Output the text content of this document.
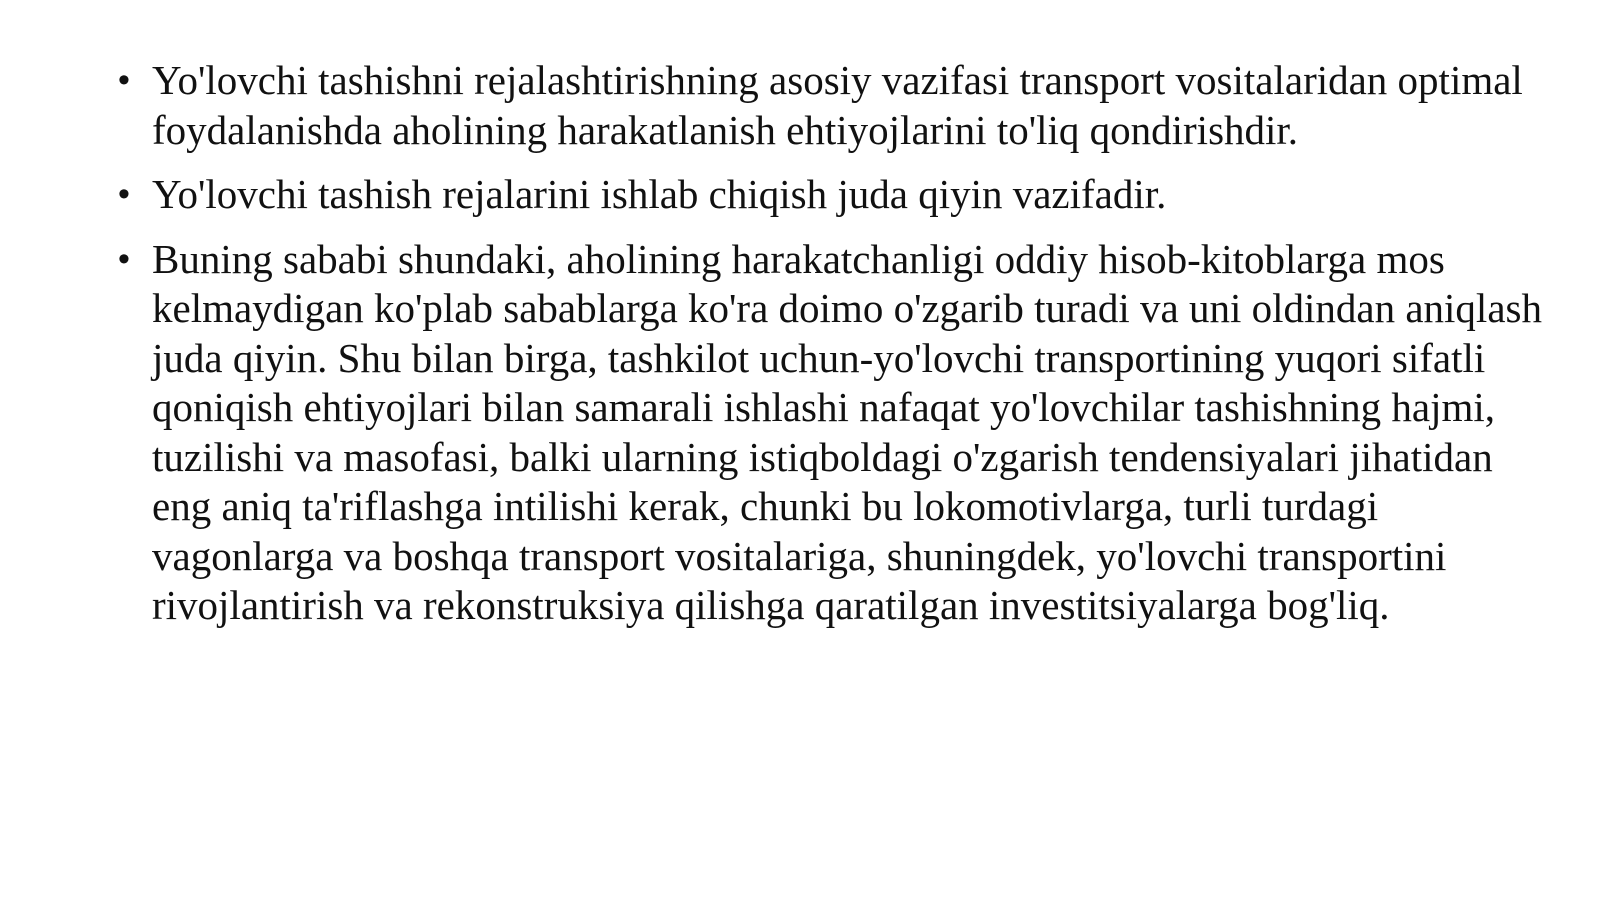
• Yo'lovchi tashishni rejalashtirishning asosiy vazifasi transport vositalaridan optimal foydalanishda aholining harakatlanish ehtiyojlarini to'liq qondirishdir.
• Yo'lovchi tashish rejalarini ishlab chiqish juda qiyin vazifadir.
• Buning sababi shundaki, aholining harakatchanligi oddiy hisob-kitoblarga mos kelmaydigan ko'plab sabablarga ko'ra doimo o'zgarib turadi va uni oldindan aniqlash juda qiyin. Shu bilan birga, tashkilot uchun-yo'lovchi transportining yuqori sifatli qoniqish ehtiyojlari bilan samarali ishlashi nafaqat yo'lovchilar tashishning hajmi, tuzilishi va masofasi, balki ularning istiqboldagi o'zgarish tendensiyalari jihatidan eng aniq ta'riflashga intilishi kerak, chunki bu lokomotivlarga, turli turdagi vagonlarga va boshqa transport vositalariga, shuningdek, yo'lovchi transportini rivojlantirish va rekonstruksiya qilishga qaratilgan investitsiyalarga bog'liq.
